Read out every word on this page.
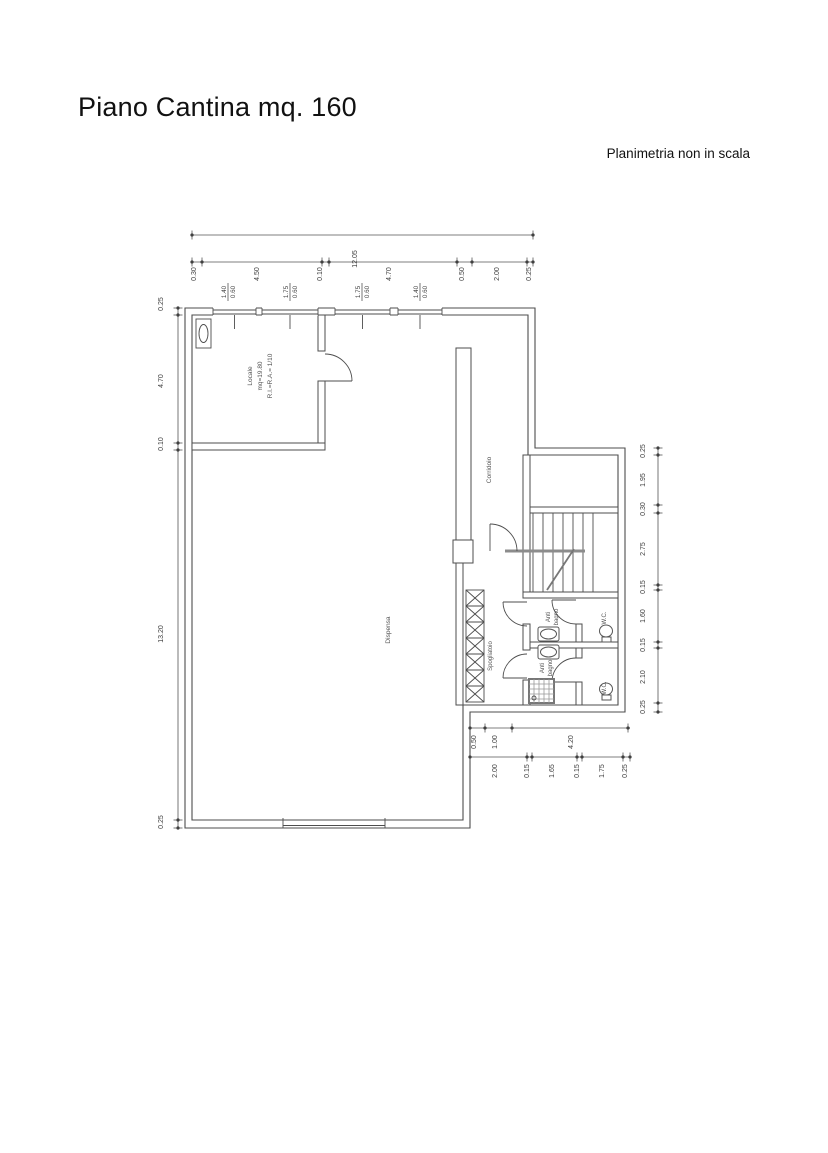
Piano Cantina mq. 160
Planimetria non in scala
Locale mq=19.80 R.I.=R.A.= 1/10
Corridoio
Dispensa
Spogliatoio
Anti bagno
Anti bagno
W.C.
W.C.
12.05
0.30	4.50	0.10	4.70	0.50	2.00	0.25
1.40 0.60	1.75 0.60	1.75 0.60	1.40 0.60
0.25
4.70
0.10
13.20
0.25
0.25
1.95
0.30
2.75
0.15
1.60
0.15
2.10
0.25
0.50 1.00	4.20
2.00	0.15	1.65	0.15	1.75 0.25
